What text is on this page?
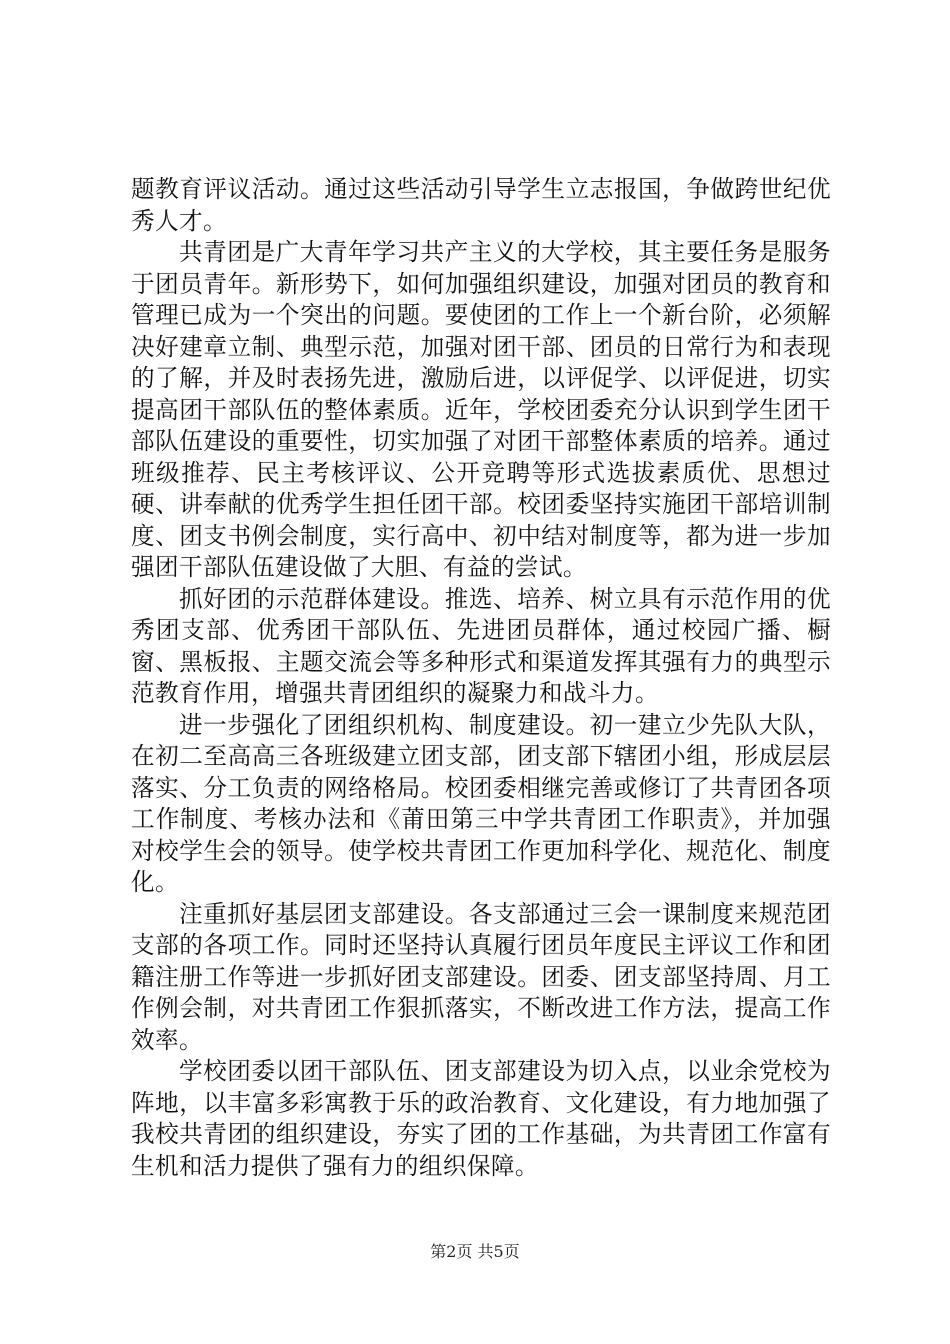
题教育评议活动。通过这些活动引导学生立志报国，争做跨世纪优秀人才。

共青团是广大青年学习共产主义的大学校，其主要任务是服务于团员青年。新形势下，如何加强组织建设，加强对团员的教育和管理已成为一个突出的问题。要使团的工作上一个新台阶，必须解决好建章立制、典型示范，加强对团干部、团员的日常行为和表现的了解，并及时表扬先进，激励后进，以评促学、以评促进，切实提高团干部队伍的整体素质。近年，学校团委充分认识到学生团干部队伍建设的重要性，切实加强了对团干部整体素质的培养。通过班级推荐、民主考核评议、公开竞聘等形式选拔素质优、思想过硬、讲奉献的优秀学生担任团干部。校团委坚持实施团干部培训制度、团支书例会制度，实行高中、初中结对制度等，都为进一步加强团干部队伍建设做了大胆、有益的尝试。

抓好团的示范群体建设。推选、培养、树立具有示范作用的优秀团支部、优秀团干部队伍、先进团员群体，通过校园广播、橱窗、黑板报、主题交流会等多种形式和渠道发挥其强有力的典型示范教育作用，增强共青团组织的凝聚力和战斗力。

进一步强化了团组织机构、制度建设。初一建立少先队大队，在初二至高高三各班级建立团支部，团支部下辖团小组，形成层层落实、分工负责的网络格局。校团委相继完善或修订了共青团各项工作制度、考核办法和《莆田第三中学共青团工作职责》，并加强对校学生会的领导。使学校共青团工作更加科学化、规范化、制度化。

注重抓好基层团支部建设。各支部通过三会一课制度来规范团支部的各项工作。同时还坚持认真履行团员年度民主评议工作和团籍注册工作等进一步抓好团支部建设。团委、团支部坚持周、月工作例会制，对共青团工作狠抓落实，不断改进工作方法，提高工作效率。

学校团委以团干部队伍、团支部建设为切入点，以业余党校为阵地，以丰富多彩寓教于乐的政治教育、文化建设，有力地加强了我校共青团的组织建设，夯实了团的工作基础，为共青团工作富有生机和活力提供了强有力的组织保障。

第2页 共5页
